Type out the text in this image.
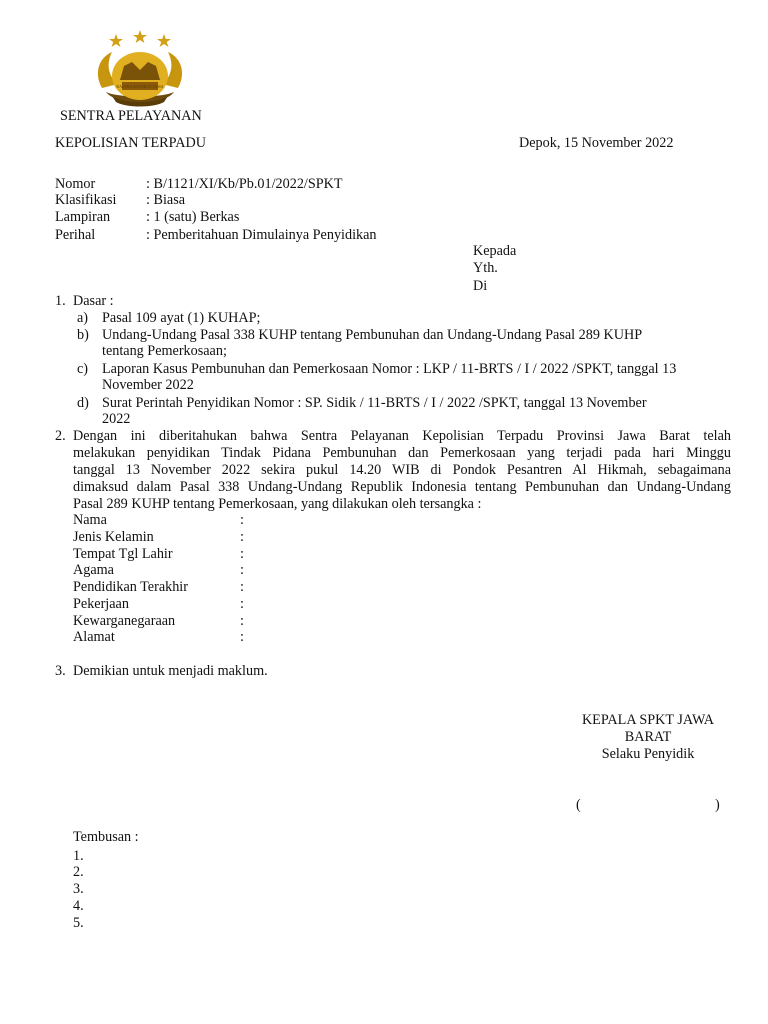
RASTRA SEWAKOTTAMA
SENTRA PELAYANAN
KEPOLISIAN TERPADU	Depok, 15 November 2022
Nomor	: B/1121/XI/Kb/Pb.01/2022/SPKT
Klasifikasi : Biasa
Lampiran	: 1 (satu) Berkas
Perihal	: Pemberitahuan Dimulainya Penyidikan
Kepada
Yth.
Di
1. Dasar :
a) Pasal 109 ayat (1) KUHAP;
b) Undang-Undang Pasal 338 KUHP tentang Pembunuhan dan Undang-Undang Pasal 289 KUHP
tentang Pemerkosaan;
c) Laporan Kasus Pembunuhan dan Pemerkosaan Nomor : LKP / 11-BRTS / I / 2022 /SPKT, tanggal 13
November 2022
d) Surat Perintah Penyidikan Nomor : SP. Sidik / 11-BRTS / I / 2022 /SPKT, tanggal 13 November
2022
2. Dengan ini diberitahukan bahwa Sentra Pelayanan Kepolisian Terpadu Provinsi Jawa Barat telah
melakukan penyidikan Tindak Pidana Pembunuhan dan Pemerkosaan yang terjadi pada hari Minggu
tanggal 13 November 2022 sekira pukul 14.20 WIB di Pondok Pesantren Al Hikmah, sebagaimana
dimaksud dalam Pasal 338 Undang-Undang Republik Indonesia tentang Pembunuhan dan Undang-Undang
Pasal 289 KUHP tentang Pemerkosaan, yang dilakukan oleh tersangka :
Nama	:
Jenis Kelamin	:
Tempat Tgl Lahir	:
Agama	:
Pendidikan Terakhir	:
Pekerjaan	:
Kewarganegaraan	:
Alamat	:
3. Demikian untuk menjadi maklum.
KEPALA SPKT JAWA BARAT
Selaku Penyidik
(	)
Tembusan :
1.
2.
3.
4.
5.
